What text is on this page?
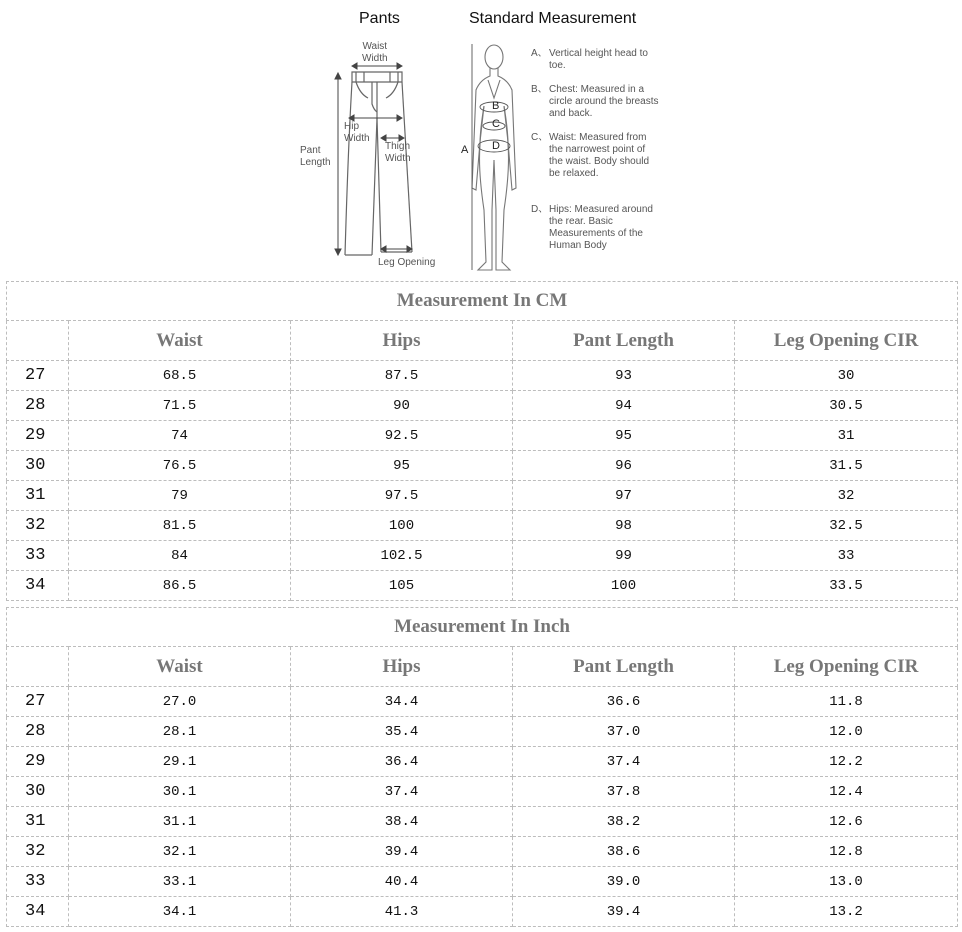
Pants	Standard Measurement
Waist
Width
Hip
Width
Thigh
Width
Pant
Length
Leg Opening
A
B
C
D
A、 Vertical height head to toe.
B、 Chest: Measured in a circle around the breasts and back.
C、 Waist: Measured from the narrowest point of the waist. Body should be relaxed.
D、 Hips: Measured around the rear. Basic Measurements of the Human Body
Measurement In CM				
	Waist	Hips	Pant Length	Leg Opening CIR
27	68.5	87.5	93	30
28	71.5	90	94	30.5
29	74	92.5	95	31
30	76.5	95	96	31.5
31	79	97.5	97	32
32	81.5	100	98	32.5
33	84	102.5	99	33
34	86.5	105	100	33.5
Measurement In Inch				
	Waist	Hips	Pant Length	Leg Opening CIR
27	27.0	34.4	36.6	11.8
28	28.1	35.4	37.0	12.0
29	29.1	36.4	37.4	12.2
30	30.1	37.4	37.8	12.4
31	31.1	38.4	38.2	12.6
32	32.1	39.4	38.6	12.8
33	33.1	40.4	39.0	13.0
34	34.1	41.3	39.4	13.2
